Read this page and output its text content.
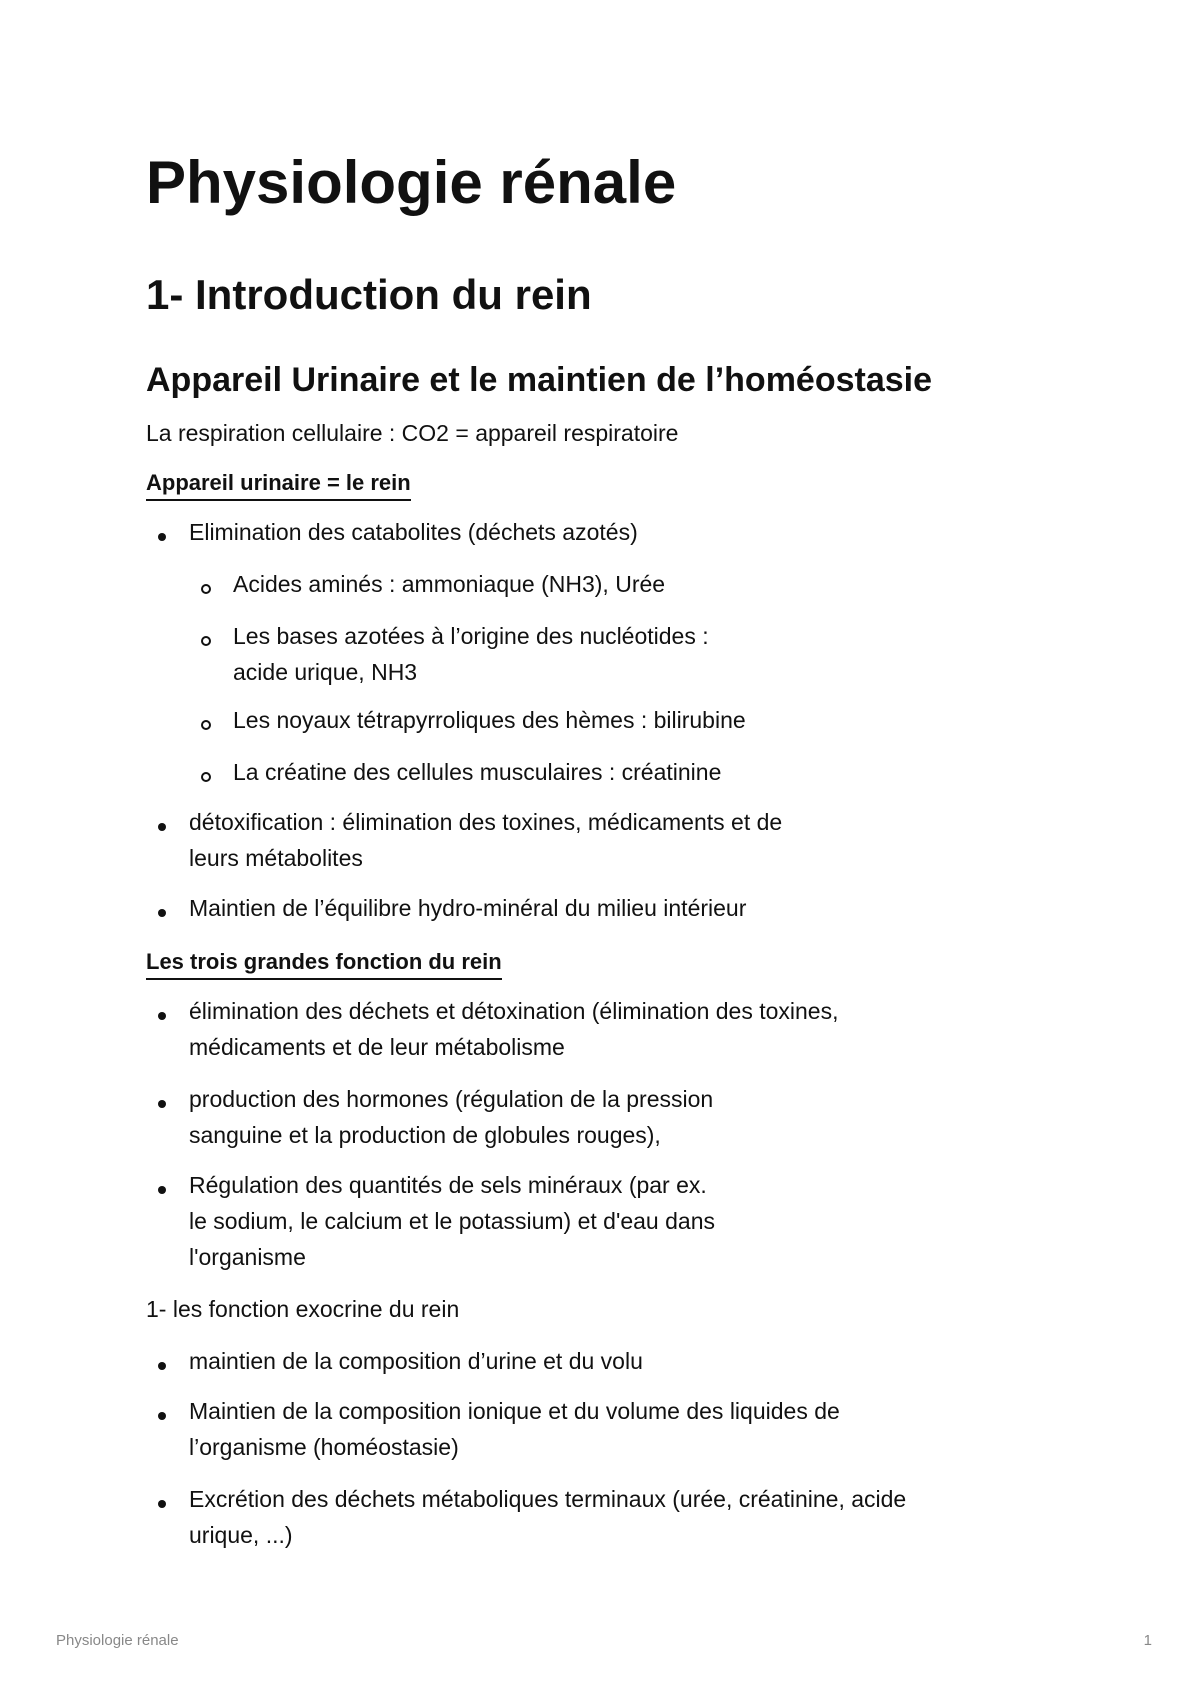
Physiologie rénale
1- Introduction du rein
Appareil Urinaire et le maintien de l’homéostasie

La respiration cellulaire : CO2 = appareil respiratoire

Appareil urinaire = le rein

Elimination des catabolites (déchets azotés)

Acides aminés : ammoniaque (NH3), Urée

Les bases azotées à l’origine des nucléotides :

acide urique, NH3

Les noyaux tétrapyrroliques des hèmes : bilirubine

La créatine des cellules musculaires : créatinine

détoxification : élimination des toxines, médicaments et de

leurs métabolites

Maintien de l’équilibre hydro-minéral du milieu intérieur

Les trois grandes fonction du rein

élimination des déchets et détoxination (élimination des toxines,

médicaments et de leur métabolisme

production des hormones (régulation de la pression

sanguine et la production de globules rouges),

Régulation des quantités de sels minéraux (par ex.

le sodium, le calcium et le potassium) et d'eau dans

l'organisme

1- les fonction exocrine du rein

maintien de la composition d’urine et du volu

Maintien de la composition ionique et du volume des liquides de

l’organisme (homéostasie)

Excrétion des déchets métaboliques terminaux (urée, créatinine, acide

urique, ...)

Physiologie rénale	1
